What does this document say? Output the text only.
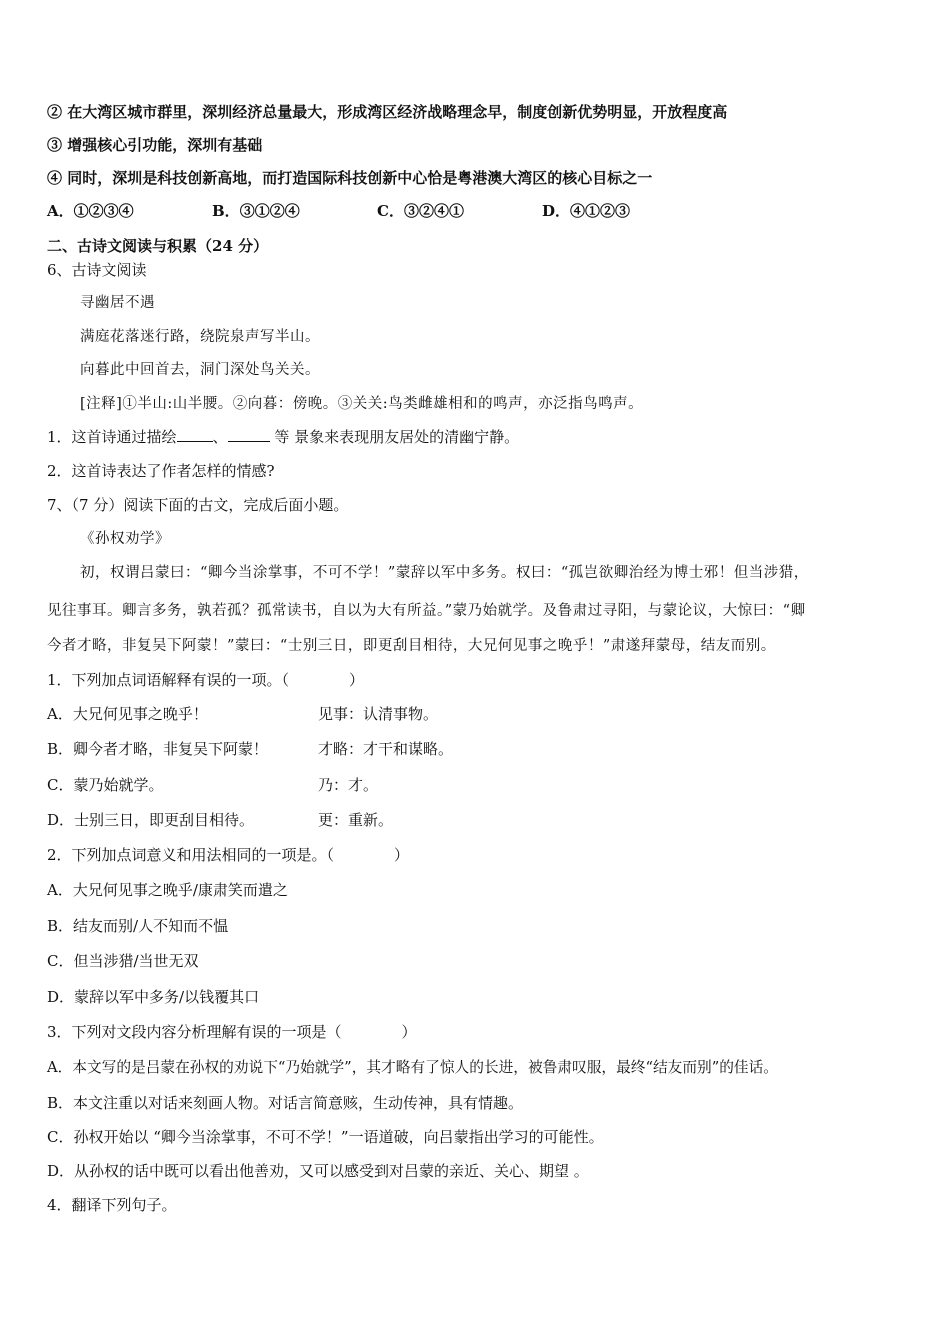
② 在大湾区城市群里，深圳经济总量最大，形成湾区经济战略理念早，制度创新优势明显，开放程度高
③ 增强核心引功能，深圳有基础
④ 同时，深圳是科技创新高地，而打造国际科技创新中心恰是粤港澳大湾区的核心目标之一
A．①②③④	B．③①②④	C．③②④①	D．④①②③
二、古诗文阅读与积累（24 分）
6、古诗文阅读
寻幽居不遇
满庭花落迷行路，绕院泉声写半山。
向暮此中回首去，洞门深处鸟关关。
[注释]①半山:山半腰。②向暮：傍晚。③关关:鸟类雌雄相和的鸣声，亦泛指鸟鸣声。
1．这首诗通过描绘 、	等 景象来表现朋友居处的清幽宁静。
2．这首诗表达了作者怎样的情感?
7、（7 分）阅读下面的古文，完成后面小题。
《孙权劝学》
初，权谓吕蒙曰：“卿今当涂掌事，不可不学！”蒙辞以军中多务。权曰：“孤岂欲卿治经为博士邪！但当涉猎，
见往事耳。卿言多务，孰若孤？孤常读书，自以为大有所益。”蒙乃始就学。及鲁肃过寻阳，与蒙论议，大惊曰：“卿
今者才略，非复吴下阿蒙！”蒙曰：“士别三日，即更刮目相待，大兄何见事之晚乎！”肃遂拜蒙母，结友而别。
1．下列加点词语解释有误的一项。（　　　　）
A．大兄何见事之晚乎！	见事：认清事物。
B．卿今者才略，非复吴下阿蒙！	才略：才干和谋略。
C．蒙乃始就学。	乃：才。
D．士别三日，即更刮目相待。	更：重新。
2．下列加点词意义和用法相同的一项是。（　　　　）
A．大兄何见事之晚乎/康肃笑而遣之
B．结友而别/人不知而不愠
C．但当涉猎/当世无双
D．蒙辞以军中多务/以钱覆其口
3．下列对文段内容分析理解有误的一项是（　　　　）
A．本文写的是吕蒙在孙权的劝说下“乃始就学”，其才略有了惊人的长进，被鲁肃叹服，最终“结友而别”的佳话。
B．本文注重以对话来刻画人物。对话言简意赅，生动传神，具有情趣。
C．孙权开始以 “卿今当涂掌事，不可不学！”一语道破，向吕蒙指出学习的可能性。
D．从孙权的话中既可以看出他善劝，又可以感受到对吕蒙的亲近、关心、期望 。
4．翻译下列句子。
